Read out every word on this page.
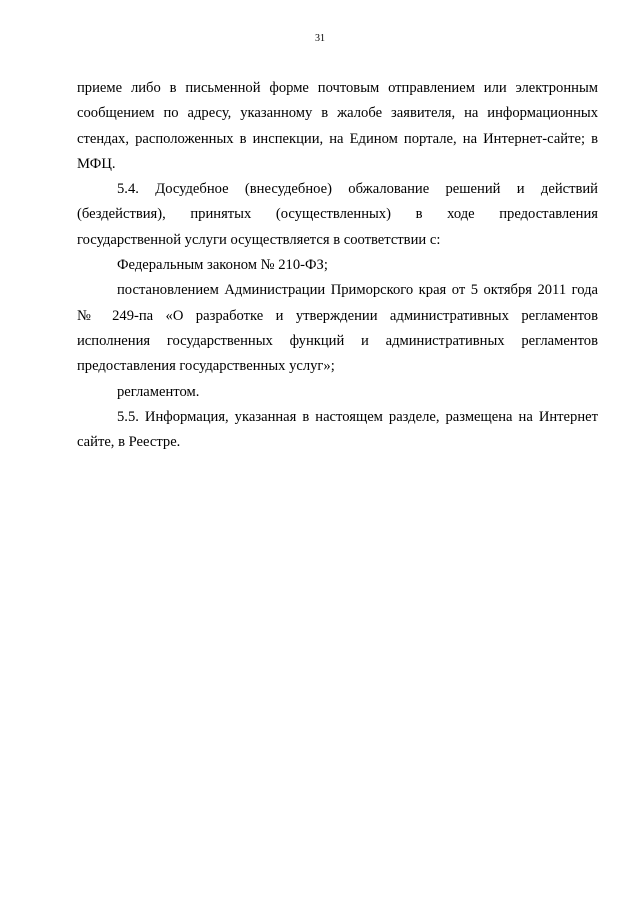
31

приеме либо в письменной форме почтовым отправлением или электронным сообщением по адресу, указанному в жалобе заявителя, на информационных стендах, расположенных в инспекции, на Едином портале, на Интернет-сайте; в МФЦ.

5.4. Досудебное (внесудебное) обжалование решений и действий (бездействия), принятых (осуществленных) в ходе предоставления государственной услуги осуществляется в соответствии с:

Федеральным законом № 210-ФЗ;

постановлением Администрации Приморского края от 5 октября 2011 года № 249-па «О разработке и утверждении административных регламентов исполнения государственных функций и административных регламентов предоставления государственных услуг»;

регламентом.

5.5. Информация, указанная в настоящем разделе, размещена на Интернет сайте, в Реестре.
